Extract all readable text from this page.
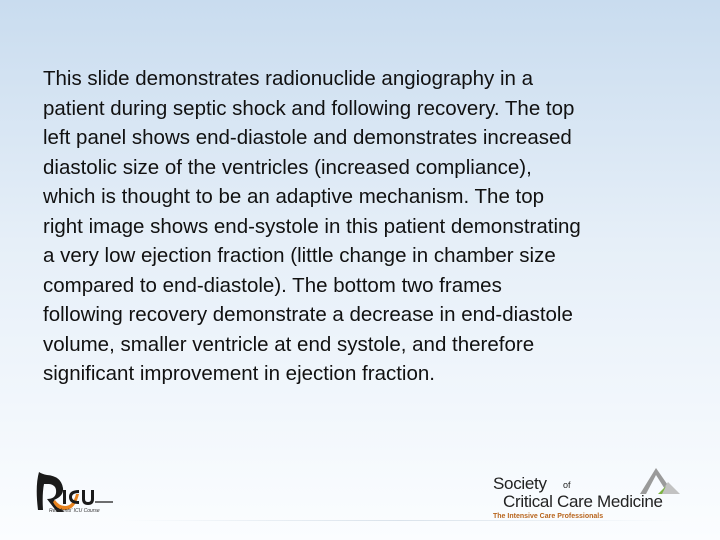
This slide demonstrates radionuclide angiography in a
patient during septic shock and following recovery. The top
left panel shows end-diastole and demonstrates increased
diastolic size of the ventricles (increased compliance),
which is thought to be an adaptive mechanism. The top
right image shows end-systole in this patient demonstrating
a very low ejection fraction (little change in chamber size
compared to end-diastole). The bottom two frames
following recovery demonstrate a decrease in end-diastole
volume, smaller ventricle at end systole, and therefore
significant improvement in ejection fraction.

Residents' ICU Course
Society of
Critical Care Medicine
The Intensive Care Professionals
